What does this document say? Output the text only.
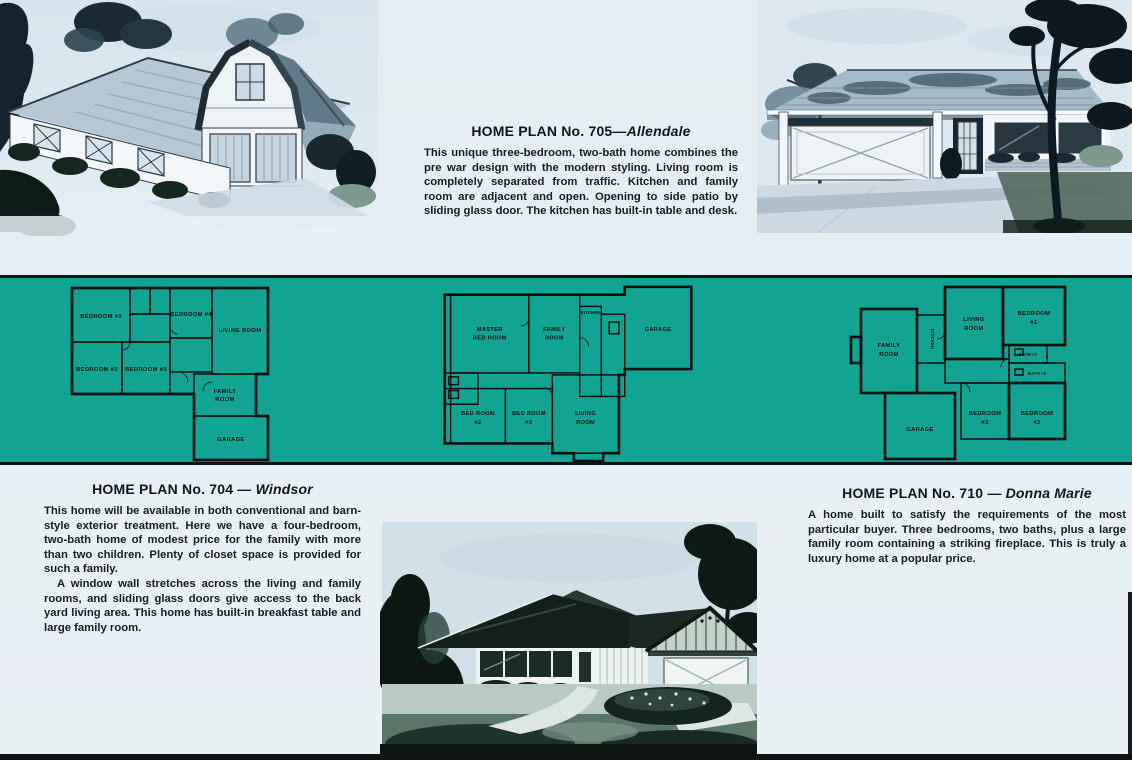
HOME PLAN No. 705—Allendale

This unique three-bedroom, two-bath home combines the pre war design with the modern styling. Living room is completely separated from traffic. Kitchen and family room are adjacent and open. Opening to side patio by sliding glass door. The kitchen has built-in table and desk.

BEDROOM #1	BEDROOM #4
LIVING ROOM
BEDROOM #2 BEDROOM #3
FAMILY
ROOM
GARAGE
MASTER
BED ROOM
FAMILY
ROOM
KITCHEN
GARAGE
BED ROOM
#2
BED ROOM
#3
LIVING
ROOM
FAMILY
ROOM
KITCHEN
LIVING
ROOM
BEDROOM
#1
BATH #1
BATH #2
BEDROOM
#3
BEDROOM
#2
GARAGE
HOME PLAN No. 704 — Windsor

This home will be available in both conventional and barn-style exterior treatment. Here we have a four-bedroom, two-bath home of modest price for the family with more than two children. Plenty of closet space is provided for such a family.

A window wall stretches across the living and family rooms, and sliding glass doors give access to the back yard living area. This home has built-in breakfast table and large family room.

HOME PLAN No. 710 — Donna Marie

A home built to satisfy the requirements of the most particular buyer. Three bedrooms, two baths, plus a large family room containing a striking fireplace. This is truly a luxury home at a popular price.
